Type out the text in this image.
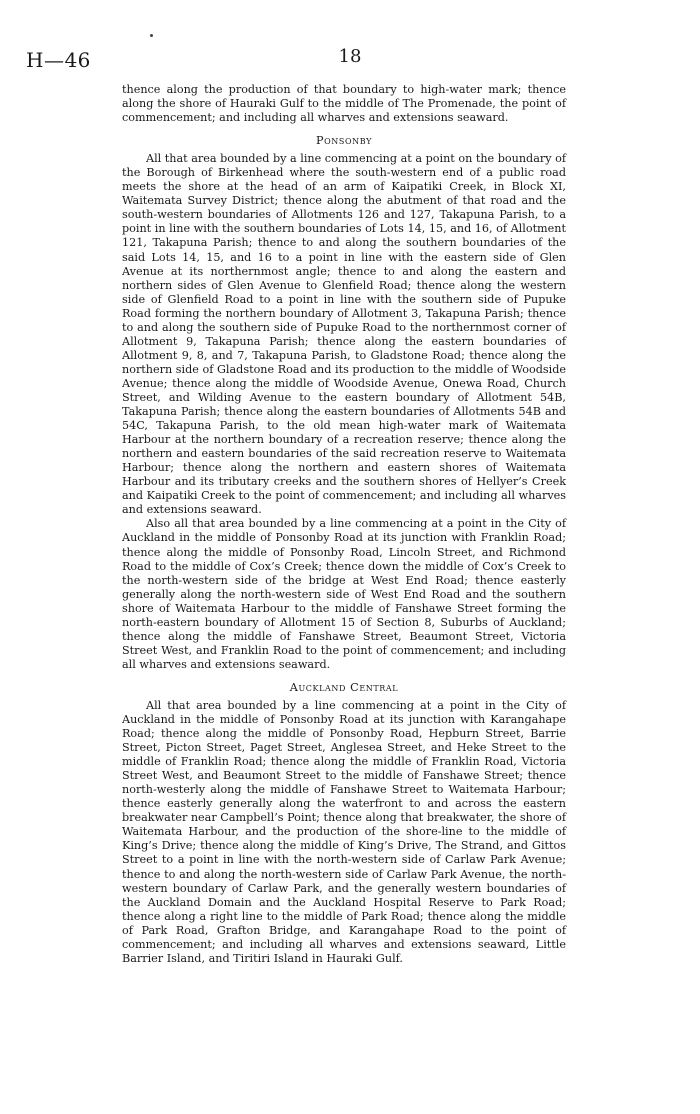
H—46	18

thence along the production of that boundary to high-water mark; thence along the shore of Hauraki Gulf to the middle of The Promenade, the point of commencement; and including all wharves and extensions seaward.

Ponsonby

All that area bounded by a line commencing at a point on the boundary of the Borough of Birkenhead where the south-western end of a public road meets the shore at the head of an arm of Kaipatiki Creek, in Block XI, Waitemata Survey District; thence along the abutment of that road and the south-western boundaries of Allotments 126 and 127, Takapuna Parish, to a point in line with the southern boundaries of Lots 14, 15, and 16, of Allotment 121, Takapuna Parish; thence to and along the southern boundaries of the said Lots 14, 15, and 16 to a point in line with the eastern side of Glen Avenue at its northernmost angle; thence to and along the eastern and northern sides of Glen Avenue to Glenfield Road; thence along the western side of Glenfield Road to a point in line with the southern side of Pupuke Road forming the northern boundary of Allotment 3, Takapuna Parish; thence to and along the southern side of Pupuke Road to the northernmost corner of Allotment 9, Takapuna Parish; thence along the eastern boundaries of Allotment 9, 8, and 7, Takapuna Parish, to Gladstone Road; thence along the northern side of Gladstone Road and its production to the middle of Woodside Avenue; thence along the middle of Woodside Avenue, Onewa Road, Church Street, and Wilding Avenue to the eastern boundary of Allotment 54B, Takapuna Parish; thence along the eastern boundaries of Allotments 54B and 54C, Takapuna Parish, to the old mean high-water mark of Waitemata Harbour at the northern boundary of a recreation reserve; thence along the northern and eastern boundaries of the said recreation reserve to Waitemata Harbour; thence along the northern and eastern shores of Waitemata Harbour and its tributary creeks and the southern shores of Hellyer’s Creek and Kaipatiki Creek to the point of commencement; and including all wharves and extensions seaward.

Also all that area bounded by a line commencing at a point in the City of Auckland in the middle of Ponsonby Road at its junction with Franklin Road; thence along the middle of Ponsonby Road, Lincoln Street, and Richmond Road to the middle of Cox’s Creek; thence down the middle of Cox’s Creek to the north-western side of the bridge at West End Road; thence easterly generally along the north-western side of West End Road and the southern shore of Waitemata Harbour to the middle of Fanshawe Street forming the north-eastern boundary of Allotment 15 of Section 8, Suburbs of Auckland; thence along the middle of Fanshawe Street, Beaumont Street, Victoria Street West, and Franklin Road to the point of commencement; and including all wharves and extensions seaward.

Auckland Central

All that area bounded by a line commencing at a point in the City of Auckland in the middle of Ponsonby Road at its junction with Karangahape Road; thence along the middle of Ponsonby Road, Hepburn Street, Barrie Street, Picton Street, Paget Street, Anglesea Street, and Heke Street to the middle of Franklin Road; thence along the middle of Franklin Road, Victoria Street West, and Beaumont Street to the middle of Fanshawe Street; thence north-westerly along the middle of Fanshawe Street to Waitemata Harbour; thence easterly generally along the waterfront to and across the eastern breakwater near Campbell’s Point; thence along that breakwater, the shore of Waitemata Harbour, and the production of the shore-line to the middle of King’s Drive; thence along the middle of King’s Drive, The Strand, and Gittos Street to a point in line with the north-western side of Carlaw Park Avenue; thence to and along the north-western side of Carlaw Park Avenue, the north-western boundary of Carlaw Park, and the generally western boundaries of the Auckland Domain and the Auckland Hospital Reserve to Park Road; thence along a right line to the middle of Park Road; thence along the middle of Park Road, Grafton Bridge, and Karangahape Road to the point of commencement; and including all wharves and extensions seaward, Little Barrier Island, and Tiritiri Island in Hauraki Gulf.
